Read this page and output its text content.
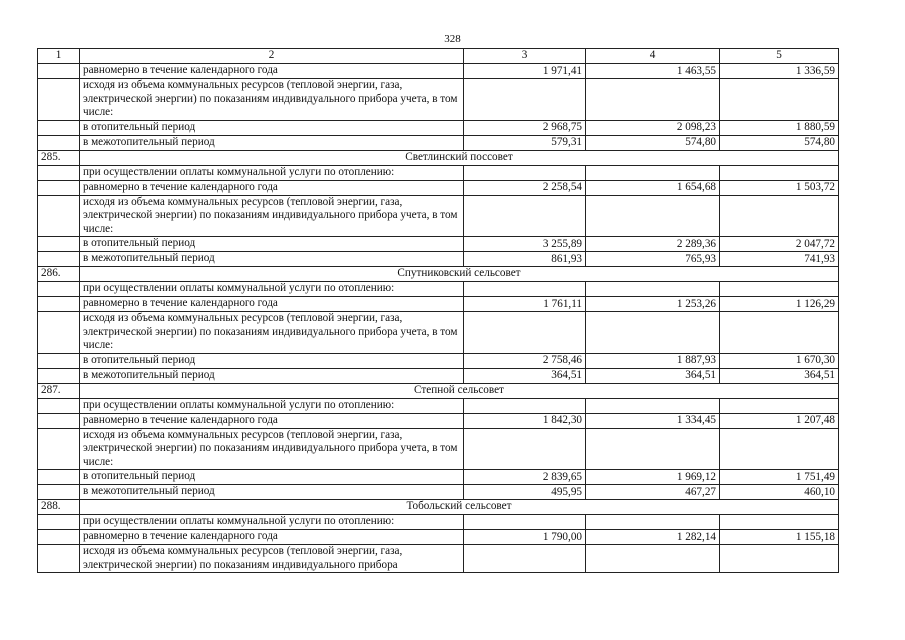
328
1	2	3	4	5
	равномерно в течение календарного года	1 971,41	1 463,55	1 336,59
	исходя из объема коммунальных ресурсов (тепловой энергии, газа, электрической энергии) по показаниям индивидуального прибора учета, в том числе:			
	в отопительный период	2 968,75	2 098,23	1 880,59
	в межотопительный период	579,31	574,80	574,80
285.	Светлинский поссовет			
	при осуществлении оплаты коммунальной услуги по отоплению:			
	равномерно в течение календарного года	2 258,54	1 654,68	1 503,72
	исходя из объема коммунальных ресурсов (тепловой энергии, газа, электрической энергии) по показаниям индивидуального прибора учета, в том числе:			
	в отопительный период	3 255,89	2 289,36	2 047,72
	в межотопительный период	861,93	765,93	741,93
286.	Спутниковский сельсовет			
	при осуществлении оплаты коммунальной услуги по отоплению:			
	равномерно в течение календарного года	1 761,11	1 253,26	1 126,29
	исходя из объема коммунальных ресурсов (тепловой энергии, газа, электрической энергии) по показаниям индивидуального прибора учета, в том числе:			
	в отопительный период	2 758,46	1 887,93	1 670,30
	в межотопительный период	364,51	364,51	364,51
287.	Степной сельсовет			
	при осуществлении оплаты коммунальной услуги по отоплению:			
	равномерно в течение календарного года	1 842,30	1 334,45	1 207,48
	исходя из объема коммунальных ресурсов (тепловой энергии, газа, электрической энергии) по показаниям индивидуального прибора учета, в том числе:			
	в отопительный период	2 839,65	1 969,12	1 751,49
	в межотопительный период	495,95	467,27	460,10
288.	Тобольский сельсовет			
	при осуществлении оплаты коммунальной услуги по отоплению:			
	равномерно в течение календарного года	1 790,00	1 282,14	1 155,18
	исходя из объема коммунальных ресурсов (тепловой энергии, газа, электрической энергии) по показаниям индивидуального прибора			
